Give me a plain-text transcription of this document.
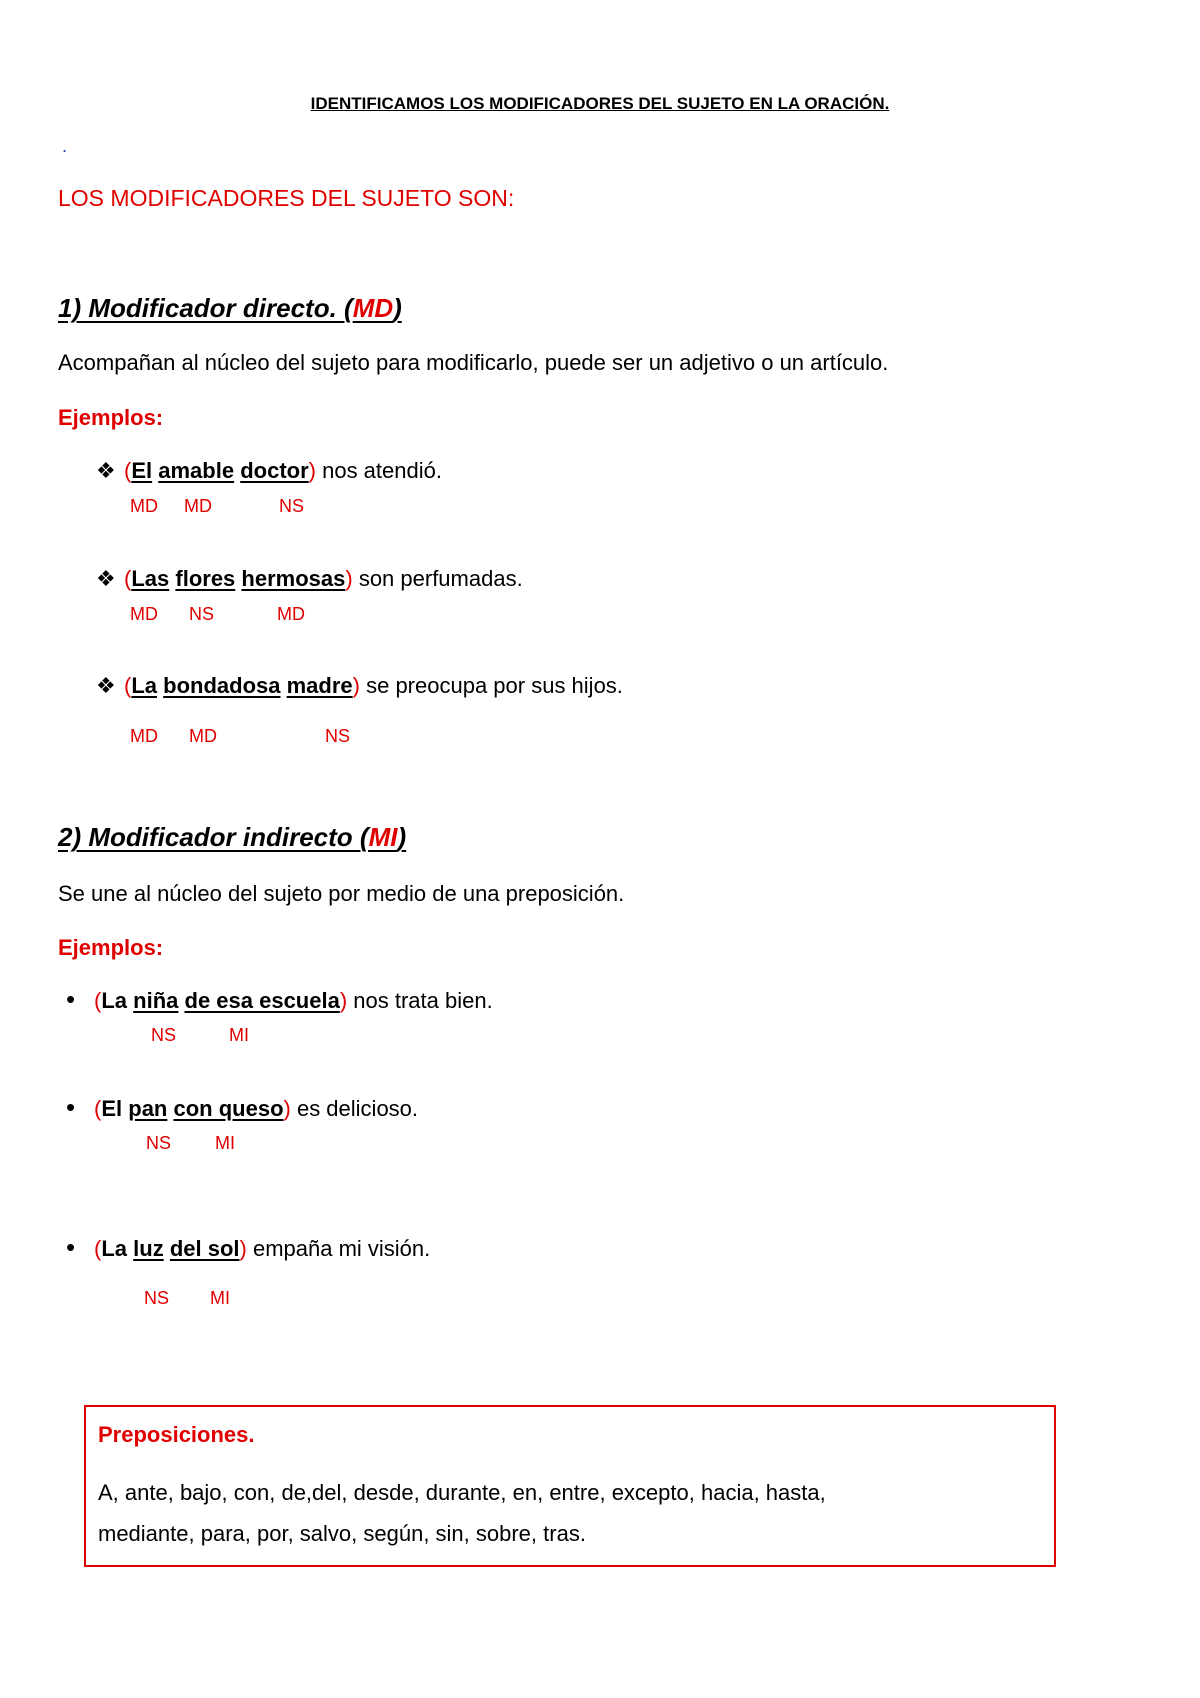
IDENTIFICAMOS LOS MODIFICADORES DEL SUJETO EN LA ORACIÓN.
.
LOS MODIFICADORES DEL SUJETO SON:
1) Modificador directo. (MD)
Acompañan al núcleo del sujeto para modificarlo, puede ser un adjetivo o un artículo.
Ejemplos:
❖ (El amable doctor) nos atendió.
MD MD	NS
❖ (Las flores hermosas) son perfumadas.
MD NS	MD
❖ (La bondadosa madre) se preocupa por sus hijos.
MD MD	NS
2) Modificador indirecto (MI)
Se une al núcleo del sujeto por medio de una preposición.
Ejemplos:
• (La niña de esa escuela) nos trata bien.
NS	MI
• (El pan con queso) es delicioso.
NS MI
• (La luz del sol) empaña mi visión.
NS MI
Preposiciones.
A, ante, bajo, con, de,del, desde, durante, en, entre, excepto, hacia, hasta,
mediante, para, por, salvo, según, sin, sobre, tras.
